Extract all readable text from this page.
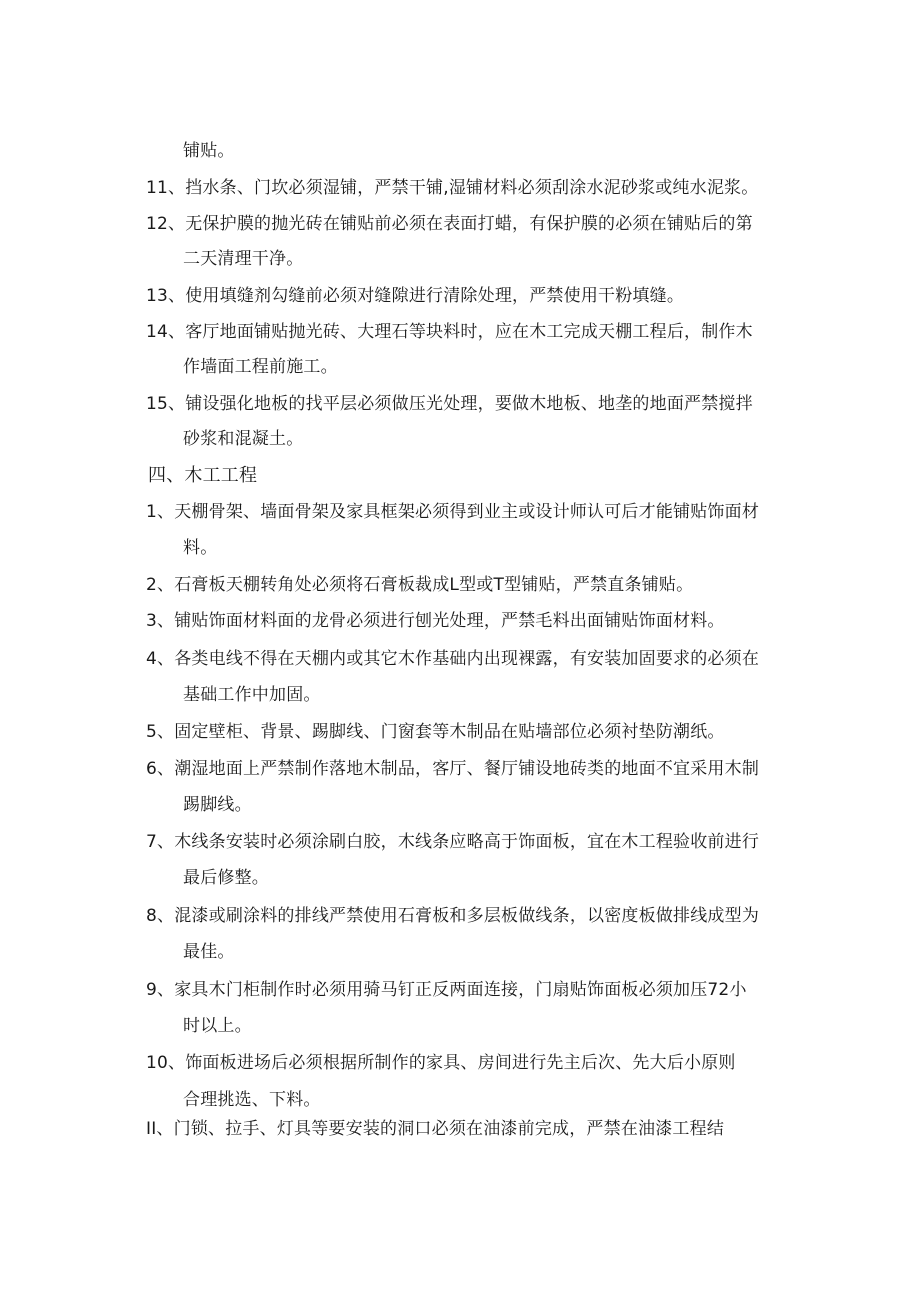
铺贴。
11、挡水条、门坎必须湿铺，严禁干铺,湿铺材料必须刮涂水泥砂浆或纯水泥浆。
12、无保护膜的抛光砖在铺贴前必须在表面打蜡，有保护膜的必须在铺贴后的第
二天清理干净。
13、使用填缝剂勾缝前必须对缝隙进行清除处理，严禁使用干粉填缝。
14、客厅地面铺贴抛光砖、大理石等块料时，应在木工完成天棚工程后，制作木
作墙面工程前施工。
15、铺设强化地板的找平层必须做压光处理，要做木地板、地垄的地面严禁搅拌
砂浆和混凝土。
四、木工工程
1、天棚骨架、墙面骨架及家具框架必须得到业主或设计师认可后才能铺贴饰面材
料。
2、石膏板天棚转角处必须将石膏板裁成L型或T型铺贴，严禁直条铺贴。
3、铺贴饰面材料面的龙骨必须进行刨光处理，严禁毛料出面铺贴饰面材料。
4、各类电线不得在天棚内或其它木作基础内出现裸露，有安装加固要求的必须在
基础工作中加固。
5、固定壁柜、背景、踢脚线、门窗套等木制品在贴墙部位必须衬垫防潮纸。
6、潮湿地面上严禁制作落地木制品，客厅、餐厅铺设地砖类的地面不宜采用木制
踢脚线。
7、木线条安装时必须涂刷白胶，木线条应略高于饰面板，宜在木工程验收前进行
最后修整。
8、混漆或刷涂料的排线严禁使用石膏板和多层板做线条，以密度板做排线成型为
最佳。
9、家具木门柜制作时必须用骑马钉正反两面连接，门扇贴饰面板必须加压72小
时以上。
10、饰面板进场后必须根据所制作的家具、房间进行先主后次、先大后小原则
合理挑选、下料。
II、门锁、拉手、灯具等要安装的洞口必须在油漆前完成，严禁在油漆工程结
